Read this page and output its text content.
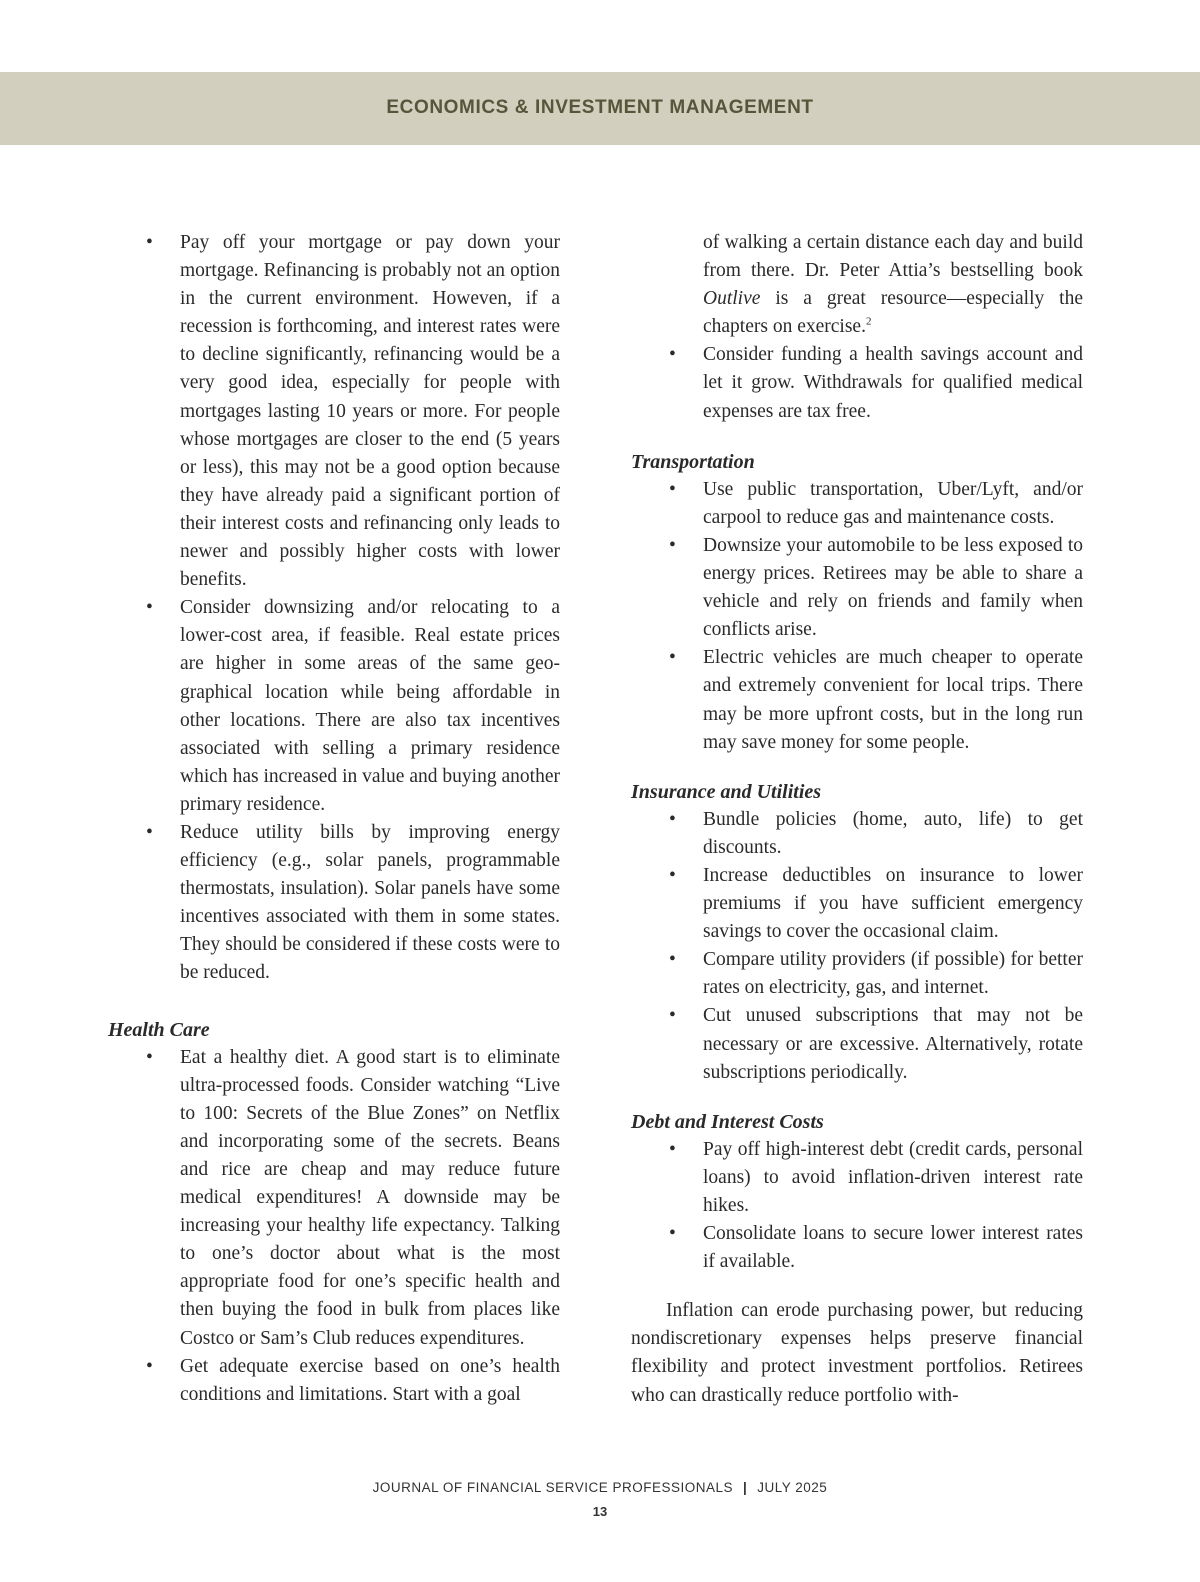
ECONOMICS & INVESTMENT MANAGEMENT
• Pay off your mortgage or pay down your mortgage. Refinancing is probably not an option in the current environment. Howeven, if a recession is forthcoming, and interest rates were to decline significantly, refinancing would be a very good idea, especially for people with mortgages lasting 10 years or more. For people whose mortgages are closer to the end (5 years or less), this may not be a good option because they have already paid a significant portion of their interest costs and refinancing only leads to newer and possibly higher costs with lower benefits.
• Consider downsizing and/or relocating to a lower-cost area, if feasible. Real estate prices are higher in some areas of the same geographical location while being affordable in other locations. There are also tax incentives associated with selling a primary residence which has increased in value and buying another primary residence.
• Reduce utility bills by improving energy efficiency (e.g., solar panels, programmable thermostats, insulation). Solar panels have some incentives associated with them in some states. They should be considered if these costs were to be reduced.

Health Care

• Eat a healthy diet. A good start is to eliminate ultra-processed foods. Consider watching “Live to 100: Secrets of the Blue Zones” on Netflix and incorporating some of the secrets. Beans and rice are cheap and may reduce future medical expenditures! A downside may be increasing your healthy life expectancy. Talking to one’s doctor about what is the most appropriate food for one’s specific health and then buying the food in bulk from places like Costco or Sam’s Club reduces expenditures.
• Get adequate exercise based on one’s health conditions and limitations. Start with a goal
of walking a certain distance each day and build from there. Dr. Peter Attia’s bestselling book Outlive is a great resource—especially the chapters on exercise.$^2$
• Consider funding a health savings account and let it grow. Withdrawals for qualified medical expenses are tax free.

Transportation

• Use public transportation, Uber/Lyft, and/or carpool to reduce gas and maintenance costs.
• Downsize your automobile to be less exposed to energy prices. Retirees may be able to share a vehicle and rely on friends and family when conflicts arise.
• Electric vehicles are much cheaper to operate and extremely convenient for local trips. There may be more upfront costs, but in the long run may save money for some people.

Insurance and Utilities

• Bundle policies (home, auto, life) to get discounts.
• Increase deductibles on insurance to lower premiums if you have sufficient emergency savings to cover the occasional claim.
• Compare utility providers (if possible) for better rates on electricity, gas, and internet.
• Cut unused subscriptions that may not be necessary or are excessive. Alternatively, rotate subscriptions periodically.

Debt and Interest Costs

• Pay off high-interest debt (credit cards, personal loans) to avoid inflation-driven interest rate hikes.
• Consolidate loans to secure lower interest rates if available.

Inflation can erode purchasing power, but reducing nondiscretionary expenses helps preserve financial flexibility and protect investment portfolios. Retirees who can drastically reduce portfolio with-

JOURNAL OF FINANCIAL SERVICE PROFESSIONALS | JULY 2025
13
